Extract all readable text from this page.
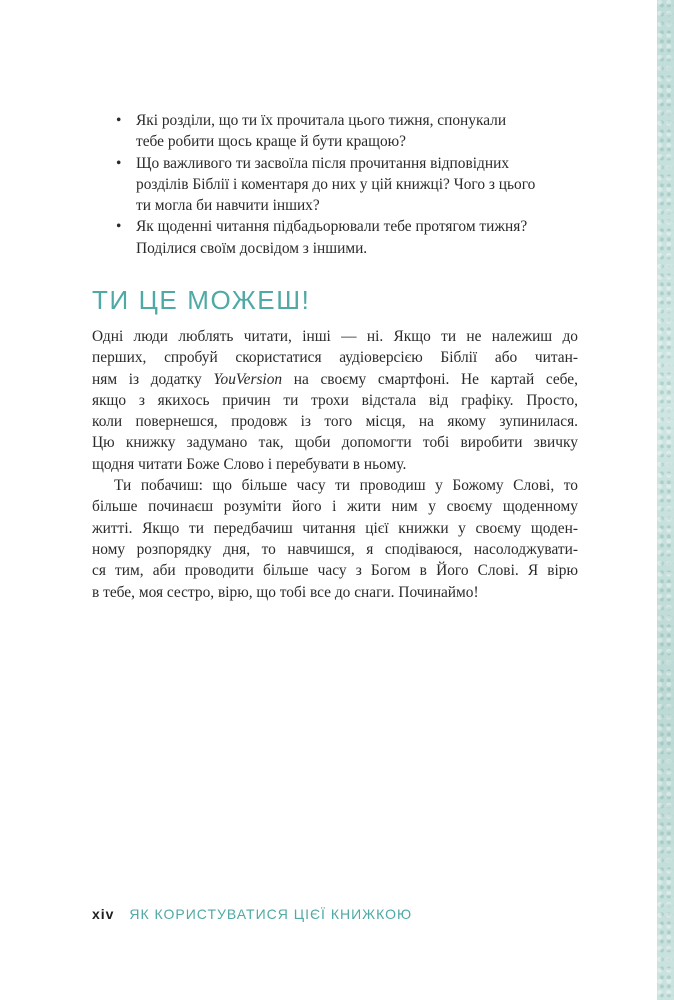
• Які розділи, що ти їх прочитала цього тижня, спонукали
тебе робити щось краще й бути кращою?
• Що важливого ти засвоїла після прочитання відповідних
розділів Біблії і коментаря до них у цій книжці? Чого з цього
ти могла би навчити інших?
• Як щоденні читання підбадьорювали тебе протягом тижня?
Поділися своїм досвідом з іншими.
ТИ ЦЕ МОЖЕШ!

Одні люди люблять читати, інші — ні. Якщо ти не належиш до
перших, спробуй скористатися аудіоверсією Біблії або читан-
ням із додатку YouVersion на своєму смартфоні. Не картай себе,
якщо з якихось причин ти трохи відстала від графіку. Просто,
коли повернешся, продовж із того місця, на якому зупинилася.
Цю книжку задумано так, щоби допомогти тобі виробити звичку
щодня читати Боже Слово і перебувати в ньому.

Ти побачиш: що більше часу ти проводиш у Божому Слові, то
більше починаєш розуміти його і жити ним у своєму щоденному
житті. Якщо ти передбачиш читання цієї книжки у своєму щоден-
ному розпорядку дня, то навчишся, я сподіваюся, насолоджувати-
ся тим, аби проводити більше часу з Богом в Його Слові. Я вірю
в тебе, моя сестро, вірю, що тобі все до снаги. Починаймо!

xiv ЯК КОРИСТУВАТИСЯ ЦІЄЇ КНИЖКОЮ
